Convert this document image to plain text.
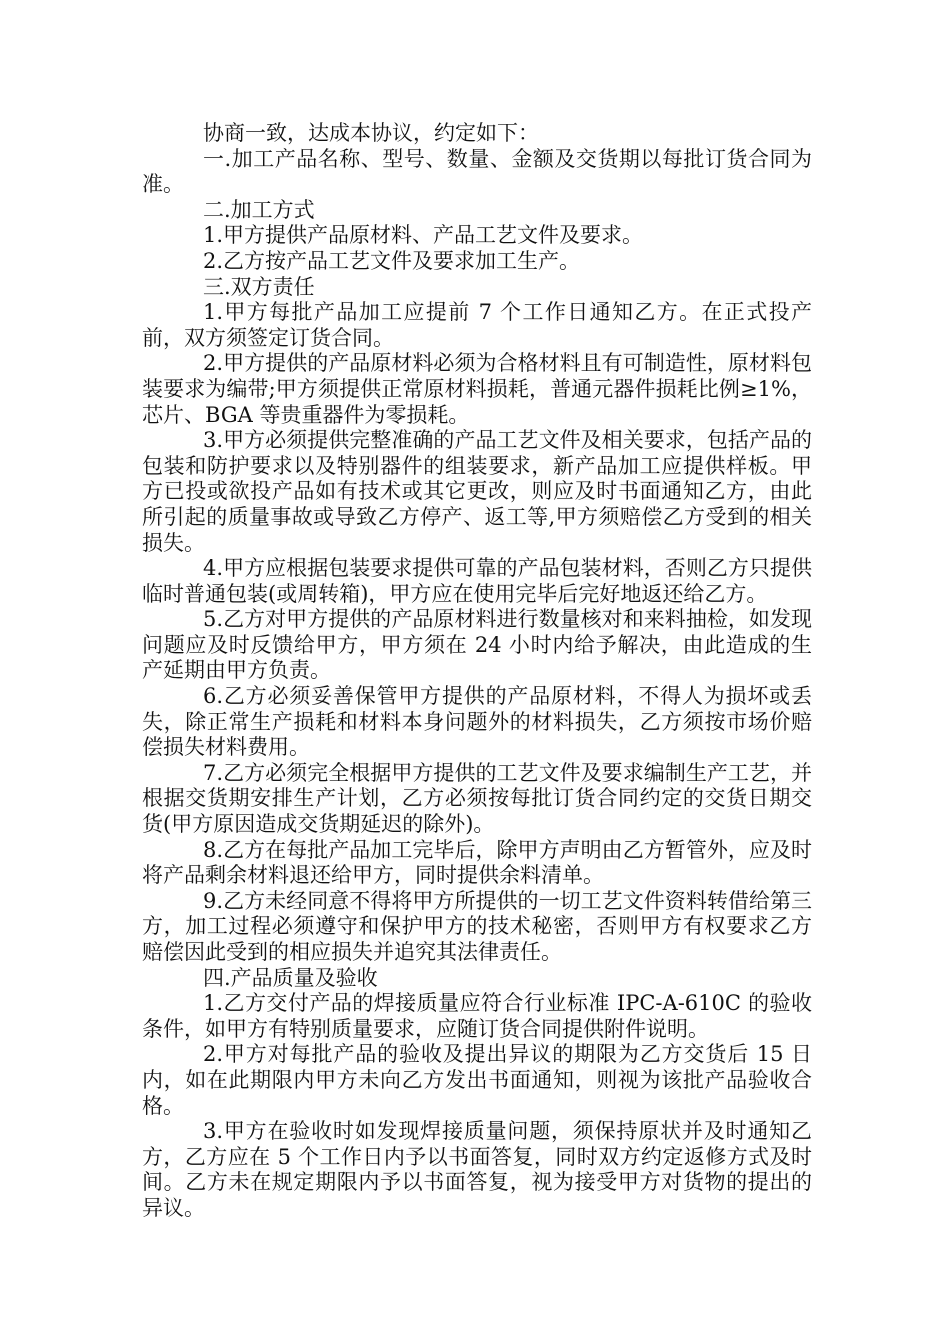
协商一致，达成本协议，约定如下：

一.加工产品名称、型号、数量、金额及交货期以每批订货合同为准。

二.加工方式

1.甲方提供产品原材料、产品工艺文件及要求。

2.乙方按产品工艺文件及要求加工生产。

三.双方责任

1.甲方每批产品加工应提前 7 个工作日通知乙方。在正式投产前，双方须签定订货合同。

2.甲方提供的产品原材料必须为合格材料且有可制造性，原材料包装要求为编带;甲方须提供正常原材料损耗，普通元器件损耗比例≥1%，芯片、BGA 等贵重器件为零损耗。

3.甲方必须提供完整准确的产品工艺文件及相关要求，包括产品的包装和防护要求以及特别器件的组装要求，新产品加工应提供样板。甲方已投或欲投产品如有技术或其它更改，则应及时书面通知乙方，由此所引起的质量事故或导致乙方停产、返工等,甲方须赔偿乙方受到的相关损失。

4.甲方应根据包装要求提供可靠的产品包装材料，否则乙方只提供临时普通包装(或周转箱)，甲方应在使用完毕后完好地返还给乙方。

5.乙方对甲方提供的产品原材料进行数量核对和来料抽检，如发现问题应及时反馈给甲方，甲方须在 24 小时内给予解决，由此造成的生产延期由甲方负责。

6.乙方必须妥善保管甲方提供的产品原材料，不得人为损坏或丢失，除正常生产损耗和材料本身问题外的材料损失，乙方须按市场价赔偿损失材料费用。

7.乙方必须完全根据甲方提供的工艺文件及要求编制生产工艺，并根据交货期安排生产计划，乙方必须按每批订货合同约定的交货日期交货(甲方原因造成交货期延迟的除外)。

8.乙方在每批产品加工完毕后，除甲方声明由乙方暂管外，应及时将产品剩余材料退还给甲方，同时提供余料清单。

9.乙方未经同意不得将甲方所提供的一切工艺文件资料转借给第三方，加工过程必须遵守和保护甲方的技术秘密，否则甲方有权要求乙方赔偿因此受到的相应损失并追究其法律责任。

四.产品质量及验收

1.乙方交付产品的焊接质量应符合行业标准 IPC-A-610C 的验收条件，如甲方有特别质量要求，应随订货合同提供附件说明。

2.甲方对每批产品的验收及提出异议的期限为乙方交货后 15 日内，如在此期限内甲方未向乙方发出书面通知，则视为该批产品验收合格。

3.甲方在验收时如发现焊接质量问题，须保持原状并及时通知乙方，乙方应在 5 个工作日内予以书面答复，同时双方约定返修方式及时间。乙方未在规定期限内予以书面答复，视为接受甲方对货物的提出的异议。
